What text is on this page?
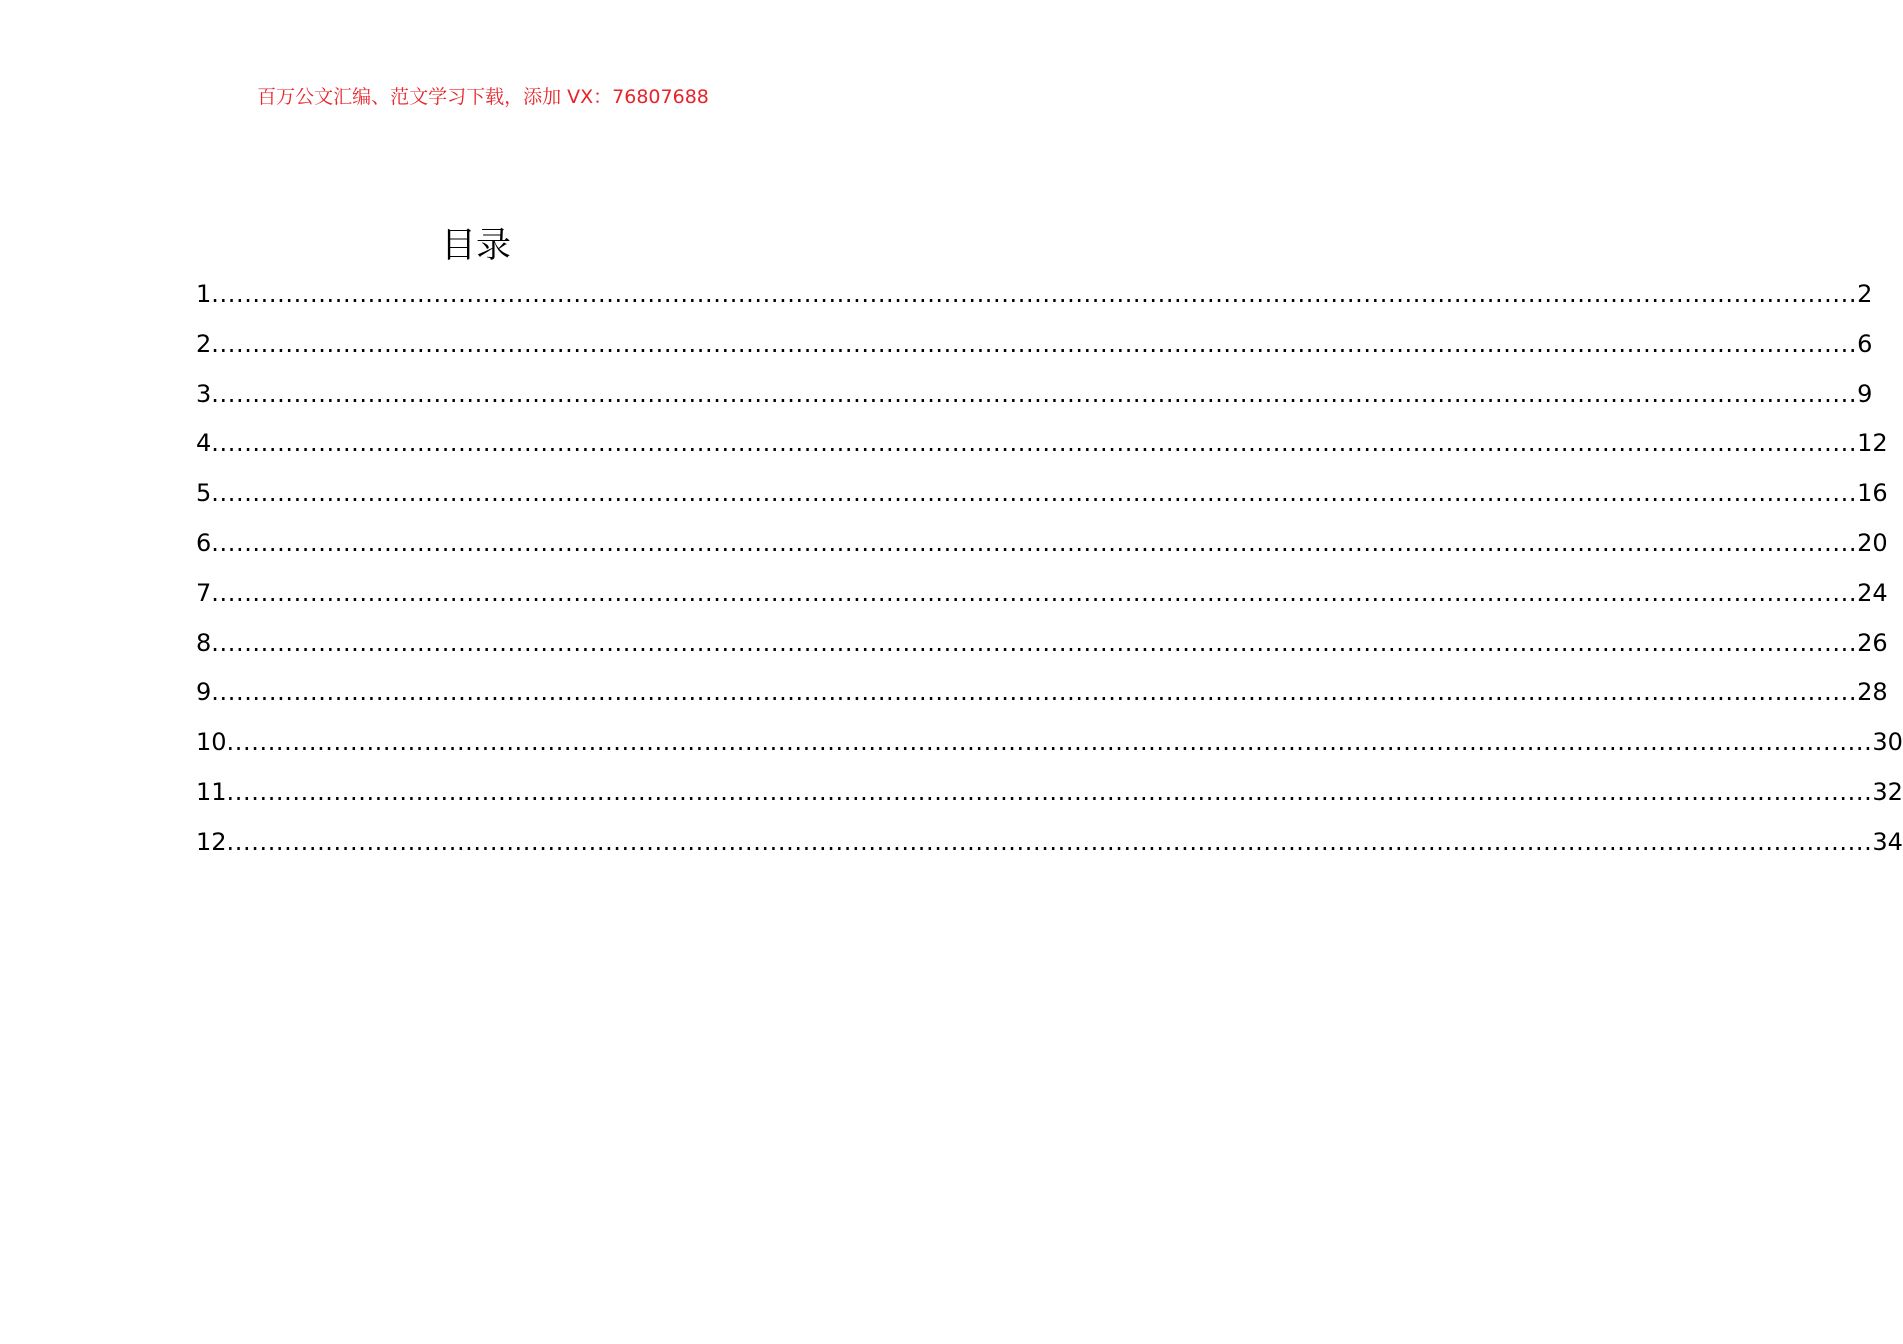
百万公文汇编、范文学习下载，添加 VX：76807688
目录
1 ........................................................................................................................................................................................................ 2
2 ........................................................................................................................................................................................................ 6
3 ........................................................................................................................................................................................................ 9
4 ........................................................................................................................................................................................................ 12
5 ........................................................................................................................................................................................................ 16
6 ........................................................................................................................................................................................................ 20
7 ........................................................................................................................................................................................................ 24
8 ........................................................................................................................................................................................................ 26
9 ........................................................................................................................................................................................................ 28
10 ........................................................................................................................................................................................................ 30
11 ........................................................................................................................................................................................................ 32
12 ........................................................................................................................................................................................................ 34
